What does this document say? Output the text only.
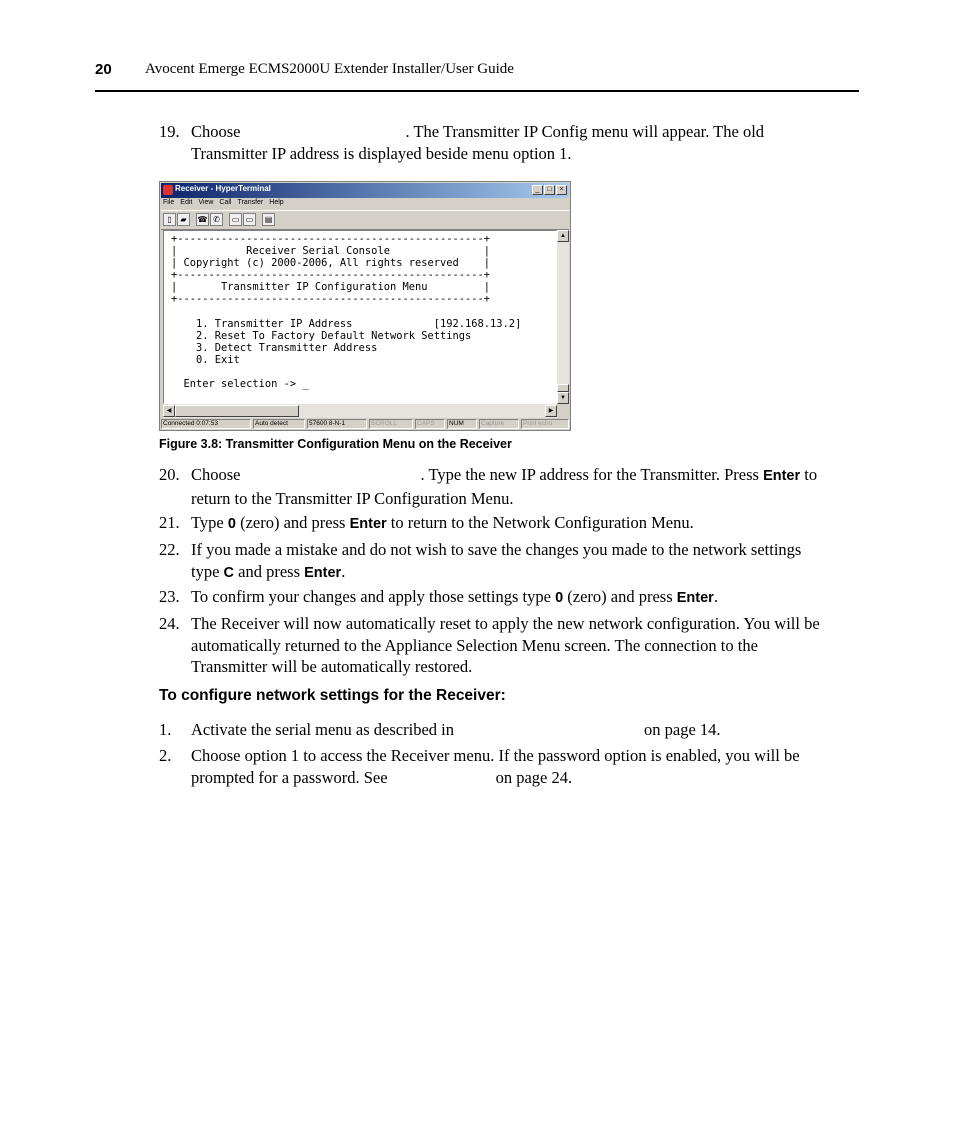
20 Avocent Emerge ECMS2000U Extender Installer/User Guide
19. Choose	. The Transmitter IP Config menu will appear. The old
Transmitter IP address is displayed beside menu option 1.
Receiver - HyperTerminal	_	□	×
File Edit View Call Transfer Help
▯	▰	☎ ✆	▭ ▭	▤
+-------------------------------------------------+
|           Receiver Serial Console               |
| Copyright (c) 2000-2006, All rights reserved    |
+-------------------------------------------------+
|       Transmitter IP Configuration Menu         |
+-------------------------------------------------+

1. Transmitter IP Address             [192.168.13.2]
2. Reset To Factory Default Network Settings
3. Detect Transmitter Address
0. Exit

Enter selection -> _
▲
▼
◀	▶
Connected 0:07:53	Auto detect	57600 8-N-1	SCROLL	CAPS	NUM	Capture	Print echo
Figure 3.8: Transmitter Configuration Menu on the Receiver
20. Choose	. Type the new IP address for the Transmitter. Press Enter to
return to the Transmitter IP Configuration Menu.
21. Type 0 (zero) and press Enter to return to the Network Configuration Menu.
22. If you made a mistake and do not wish to save the changes you made to the network settings
type C and press Enter.
23. To confirm your changes and apply those settings type 0 (zero) and press Enter.
24. The Receiver will now automatically reset to apply the new network configuration. You will be
automatically returned to the Appliance Selection Menu screen. The connection to the
Transmitter will be automatically restored.
To configure network settings for the Receiver:
1. Activate the serial menu as described in	on page 14.
2. Choose option 1 to access the Receiver menu. If the password option is enabled, you will be
prompted for a password. See	on page 24.
